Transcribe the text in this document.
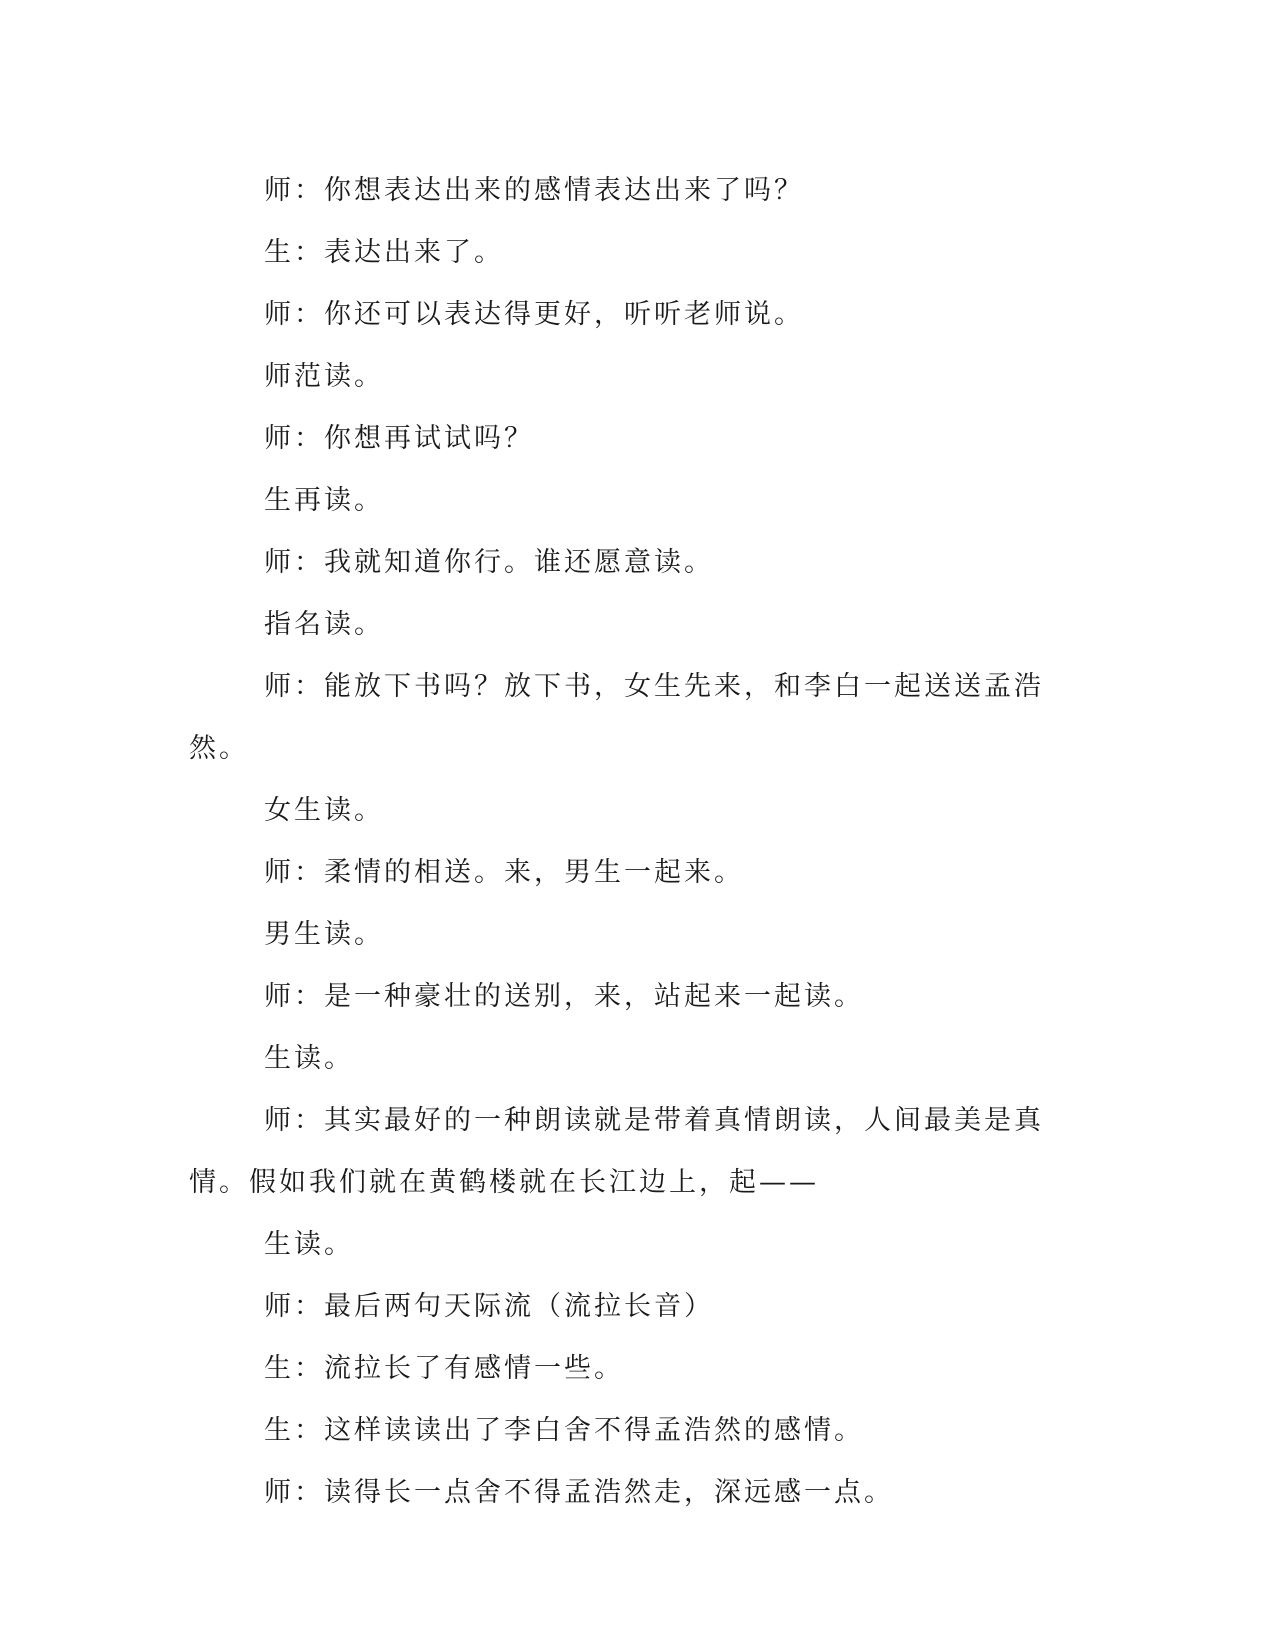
师：你想表达出来的感情表达出来了吗？

生：表达出来了。

师：你还可以表达得更好，听听老师说。

师范读。

师：你想再试试吗？

生再读。

师：我就知道你行。谁还愿意读。

指名读。

师：能放下书吗？放下书，女生先来，和李白一起送送孟浩然。

女生读。

师：柔情的相送。来，男生一起来。

男生读。

师：是一种豪壮的送别，来，站起来一起读。

生读。

师：其实最好的一种朗读就是带着真情朗读，人间最美是真情。假如我们就在黄鹤楼就在长江边上，起——

生读。

师：最后两句天际流（流拉长音）

生：流拉长了有感情一些。

生：这样读读出了李白舍不得孟浩然的感情。

师：读得长一点舍不得孟浩然走，深远感一点。
